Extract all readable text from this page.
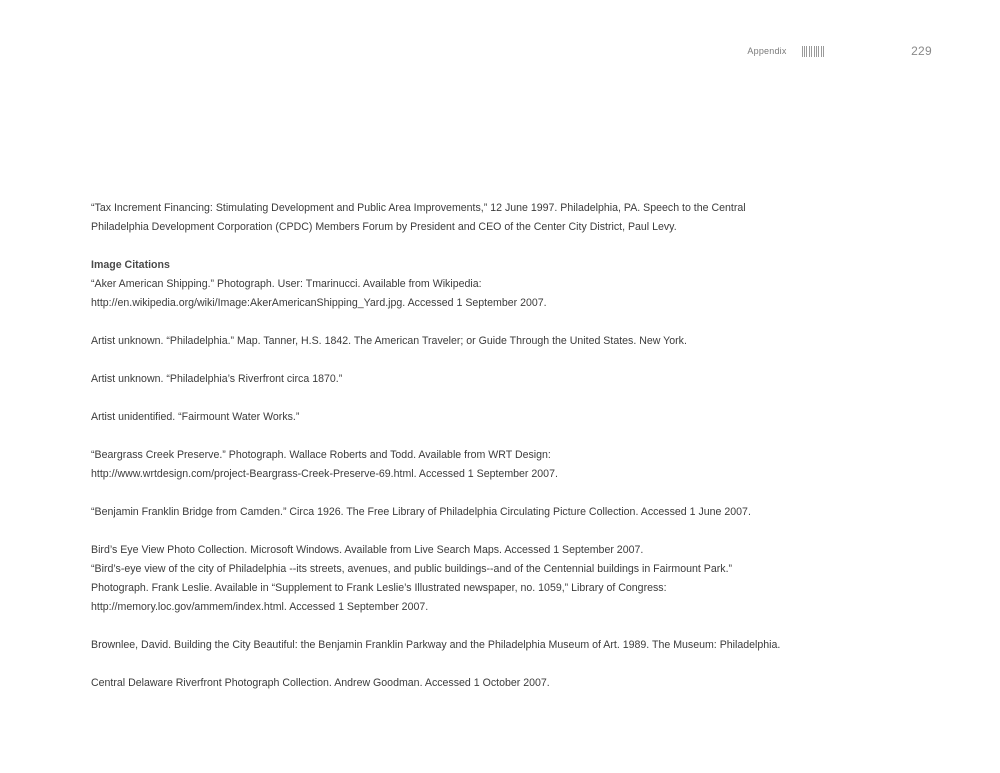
Appendix	229

“Tax Increment Financing: Stimulating Development and Public Area Improvements,” 12 June 1997. Philadelphia, PA. Speech to the Central

Philadelphia Development Corporation (CPDC) Members Forum by President and CEO of the Center City District, Paul Levy.

Image Citations

“Aker American Shipping.” Photograph. User: Tmarinucci. Available from Wikipedia:

http://en.wikipedia.org/wiki/Image:AkerAmericanShipping_Yard.jpg. Accessed 1 September 2007.

Artist unknown. “Philadelphia.” Map. Tanner, H.S. 1842. The American Traveler; or Guide Through the United States. New York.

Artist unknown. “Philadelphia’s Riverfront circa 1870.”

Artist unidentified. “Fairmount Water Works.”

“Beargrass Creek Preserve.” Photograph. Wallace Roberts and Todd. Available from WRT Design:

http://www.wrtdesign.com/project-Beargrass-Creek-Preserve-69.html. Accessed 1 September 2007.

“Benjamin Franklin Bridge from Camden.” Circa 1926. The Free Library of Philadelphia Circulating Picture Collection. Accessed 1 June 2007.

Bird’s Eye View Photo Collection. Microsoft Windows. Available from Live Search Maps. Accessed 1 September 2007.

“Bird’s-eye view of the city of Philadelphia --its streets, avenues, and public buildings--and of the Centennial buildings in Fairmount Park.”

Photograph. Frank Leslie. Available in “Supplement to Frank Leslie’s Illustrated newspaper, no. 1059,” Library of Congress:

http://memory.loc.gov/ammem/index.html. Accessed 1 September 2007.

Brownlee, David. Building the City Beautiful: the Benjamin Franklin Parkway and the Philadelphia Museum of Art. 1989. The Museum: Philadelphia.

Central Delaware Riverfront Photograph Collection. Andrew Goodman. Accessed 1 October 2007.
